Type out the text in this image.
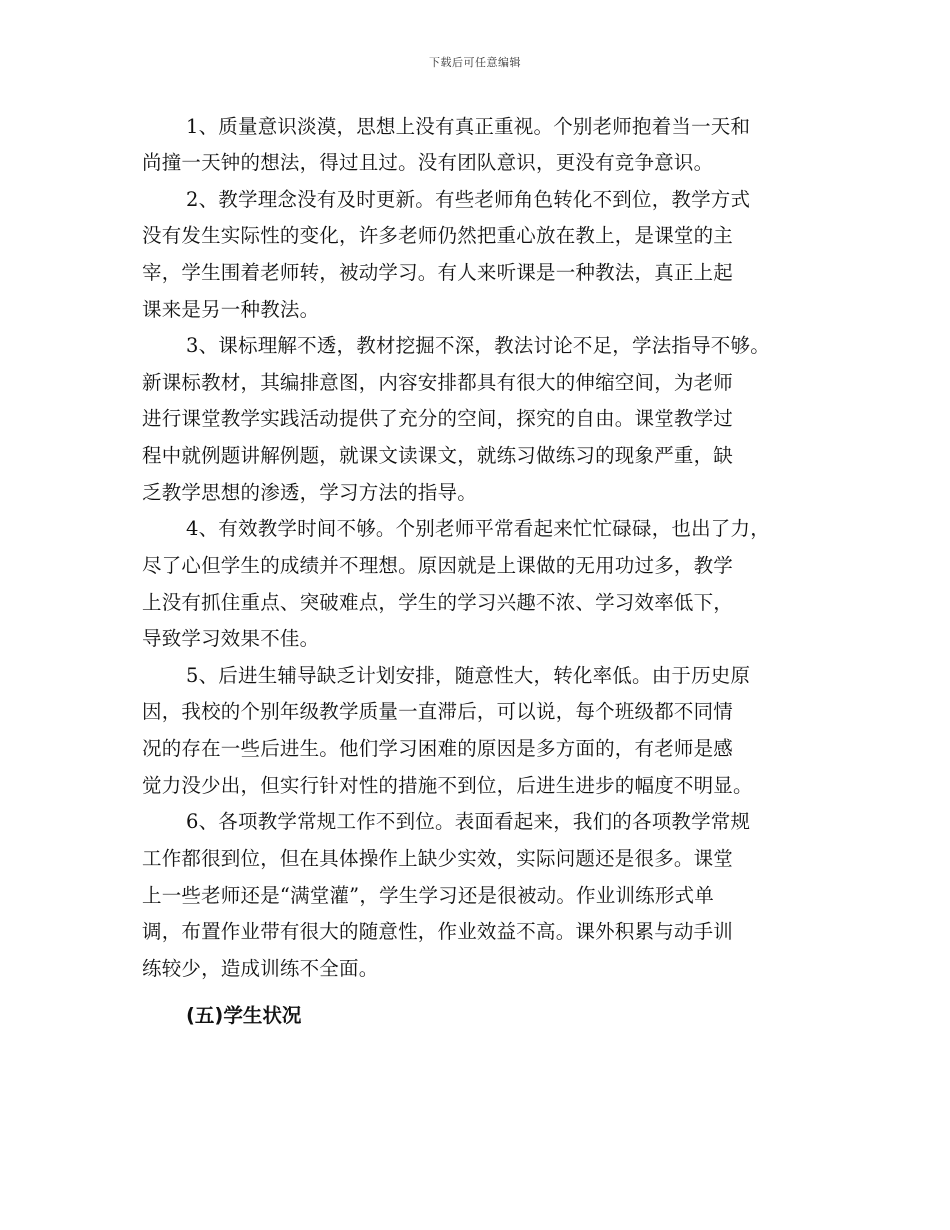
下载后可任意编辑
1、质量意识淡漠，思想上没有真正重视。个别老师抱着当一天和
尚撞一天钟的想法，得过且过。没有团队意识，更没有竞争意识。
2、教学理念没有及时更新。有些老师角色转化不到位，教学方式
没有发生实际性的变化，许多老师仍然把重心放在教上，是课堂的主
宰，学生围着老师转，被动学习。有人来听课是一种教法，真正上起
课来是另一种教法。
3、课标理解不透，教材挖掘不深，教法讨论不足，学法指导不够。
新课标教材，其编排意图，内容安排都具有很大的伸缩空间，为老师
进行课堂教学实践活动提供了充分的空间，探究的自由。课堂教学过
程中就例题讲解例题，就课文读课文，就练习做练习的现象严重，缺
乏教学思想的渗透，学习方法的指导。
4、有效教学时间不够。个别老师平常看起来忙忙碌碌，也出了力，
尽了心但学生的成绩并不理想。原因就是上课做的无用功过多，教学
上没有抓住重点、突破难点，学生的学习兴趣不浓、学习效率低下，
导致学习效果不佳。
5、后进生辅导缺乏计划安排，随意性大，转化率低。由于历史原
因，我校的个别年级教学质量一直滞后，可以说，每个班级都不同情
况的存在一些后进生。他们学习困难的原因是多方面的，有老师是感
觉力没少出，但实行针对性的措施不到位，后进生进步的幅度不明显。
6、各项教学常规工作不到位。表面看起来，我们的各项教学常规
工作都很到位，但在具体操作上缺少实效，实际问题还是很多。课堂
上一些老师还是“满堂灌”，学生学习还是很被动。作业训练形式单
调，布置作业带有很大的随意性，作业效益不高。课外积累与动手训
练较少，造成训练不全面。
(五)学生状况
